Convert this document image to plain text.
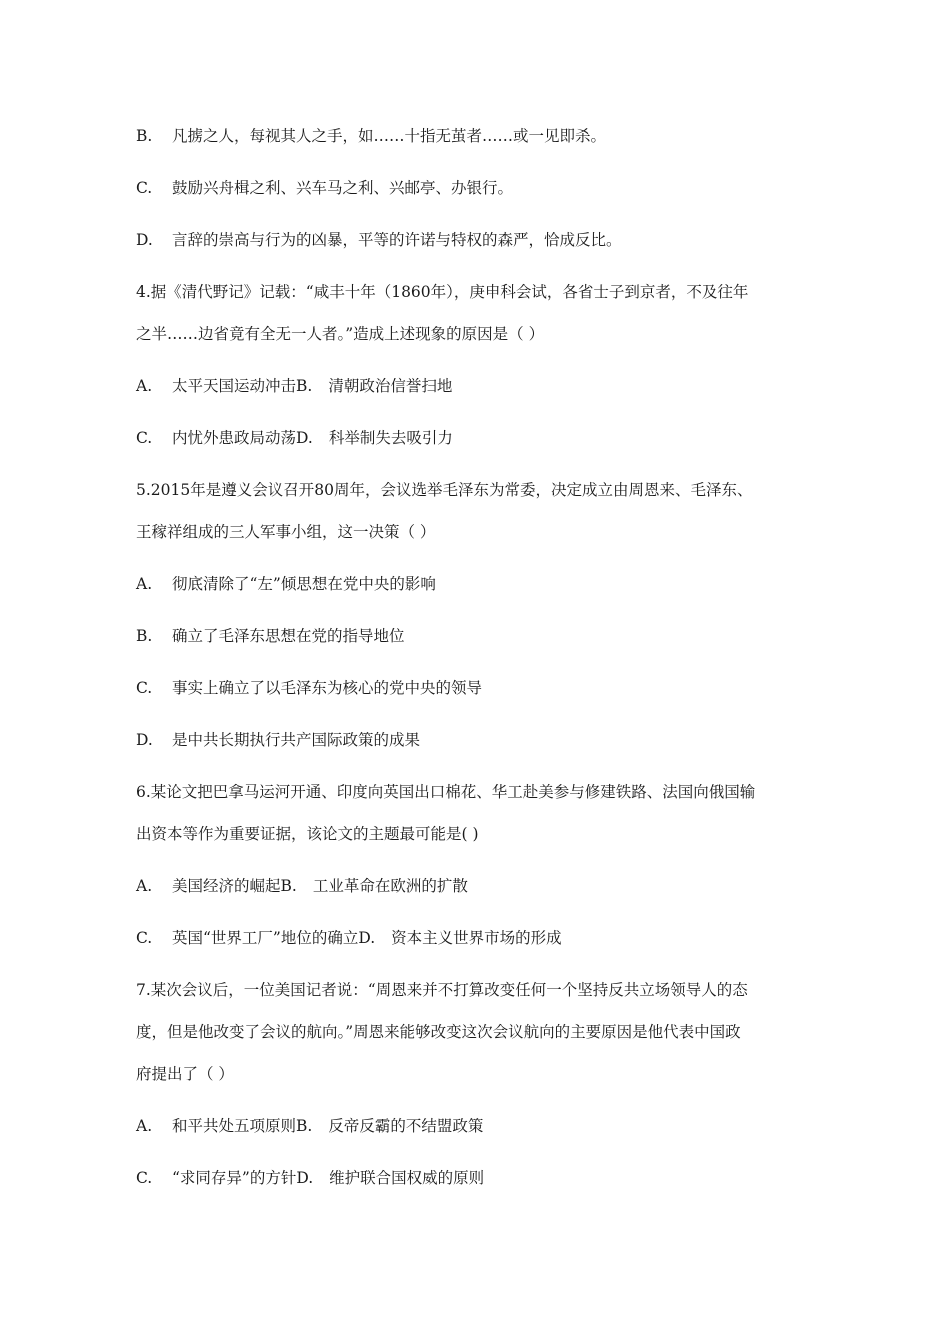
B. 凡掳之人，每视其人之手，如……十指无茧者……或一见即杀。
C. 鼓励兴舟楫之利、兴车马之利、兴邮亭、办银行。
D. 言辞的崇高与行为的凶暴，平等的许诺与特权的森严，恰成反比。
4.据《清代野记》记载：“咸丰十年（1860年），庚申科会试，各省士子到京者，不及往年
之半……边省竟有全无一人者。”造成上述现象的原因是（ ）
A. 太平天国运动冲击B. 清朝政治信誉扫地
C. 内忧外患政局动荡D. 科举制失去吸引力
5.2015年是遵义会议召开80周年，会议选举毛泽东为常委，决定成立由周恩来、毛泽东、
王稼祥组成的三人军事小组，这一决策（ ）
A. 彻底清除了“左”倾思想在党中央的影响
B. 确立了毛泽东思想在党的指导地位
C. 事实上确立了以毛泽东为核心的党中央的领导
D. 是中共长期执行共产国际政策的成果
6.某论文把巴拿马运河开通、印度向英国出口棉花、华工赴美参与修建铁路、法国向俄国输
出资本等作为重要证据，该论文的主题最可能是( )
A. 美国经济的崛起B. 工业革命在欧洲的扩散
C. 英国“世界工厂”地位的确立D. 资本主义世界市场的形成
7.某次会议后，一位美国记者说：“周恩来并不打算改变任何一个坚持反共立场领导人的态
度，但是他改变了会议的航向。”周恩来能够改变这次会议航向的主要原因是他代表中国政
府提出了（ ）
A. 和平共处五项原则B. 反帝反霸的不结盟政策
C. “求同存异”的方针D. 维护联合国权威的原则
